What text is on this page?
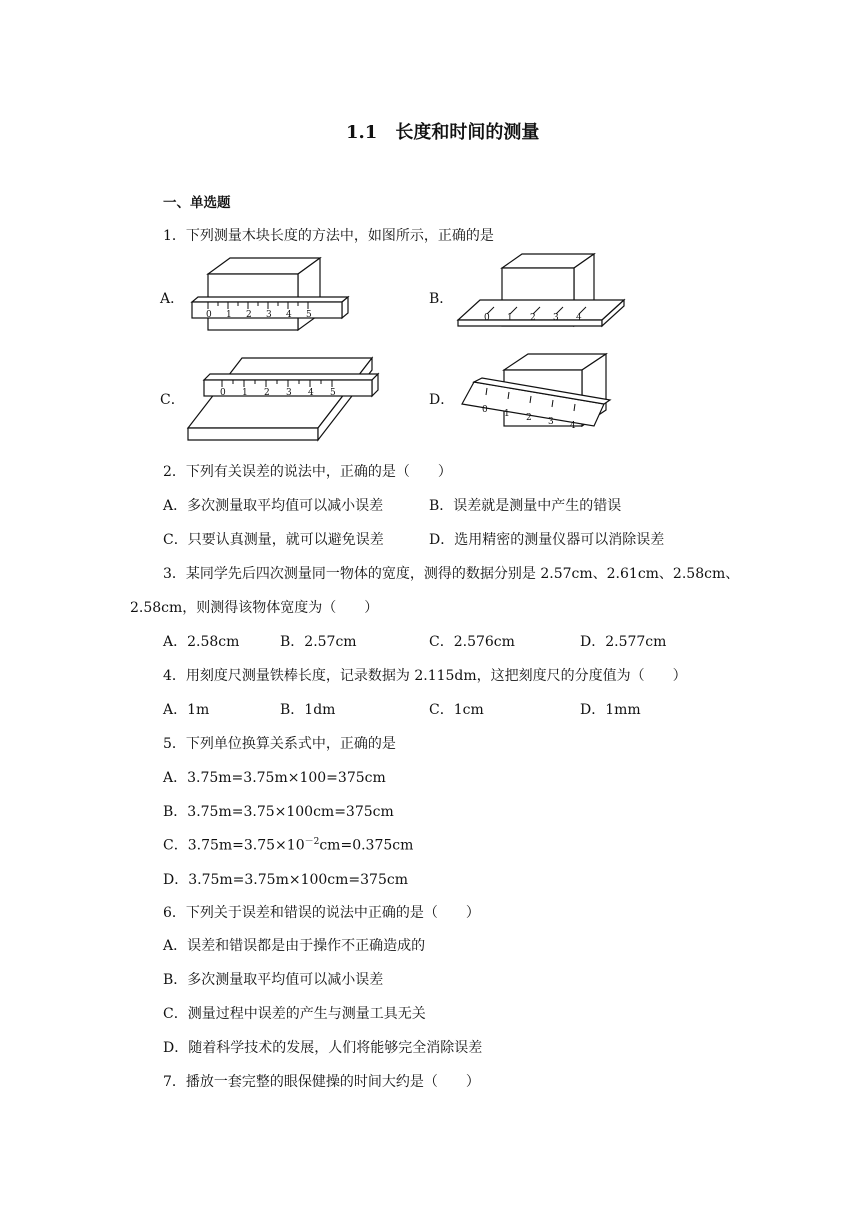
1.1　长度和时间的测量
一、单选题
1．下列测量木块长度的方法中，如图所示，正确的是
A．	B．
C．	D．
0 1 2 3 4 5	0 1 2 3 4
0 1 2 3 4 5
0 1 2 3 4
2．下列有关误差的说法中，正确的是（　　）
A．多次测量取平均值可以减小误差	B．误差就是测量中产生的错误
C．只要认真测量，就可以避免误差	D．选用精密的测量仪器可以消除误差
3．某同学先后四次测量同一物体的宽度，测得的数据分别是 2.57cm、2.61cm、2.58cm、
2.58cm，则测得该物体宽度为（　　）
A．2.58cm	B．2.57cm	C．2.576cm	D．2.577cm
4．用刻度尺测量铁棒长度，记录数据为 2.115dm，这把刻度尺的分度值为（　　）
A．1m	B．1dm	C．1cm	D．1mm
5．下列单位换算关系式中，正确的是
A．3.75m=3.75m×100=375cm
B．3.75m=3.75×100cm=375cm
C．$3.75m=3.75\times 10^{-2}cm=0.375cm$
D．3.75m=3.75m×100cm=375cm
6．下列关于误差和错误的说法中正确的是（　　）
A．误差和错误都是由于操作不正确造成的
B．多次测量取平均值可以减小误差
C．测量过程中误差的产生与测量工具无关
D．随着科学技术的发展，人们将能够完全消除误差
7．播放一套完整的眼保健操的时间大约是（　　）
